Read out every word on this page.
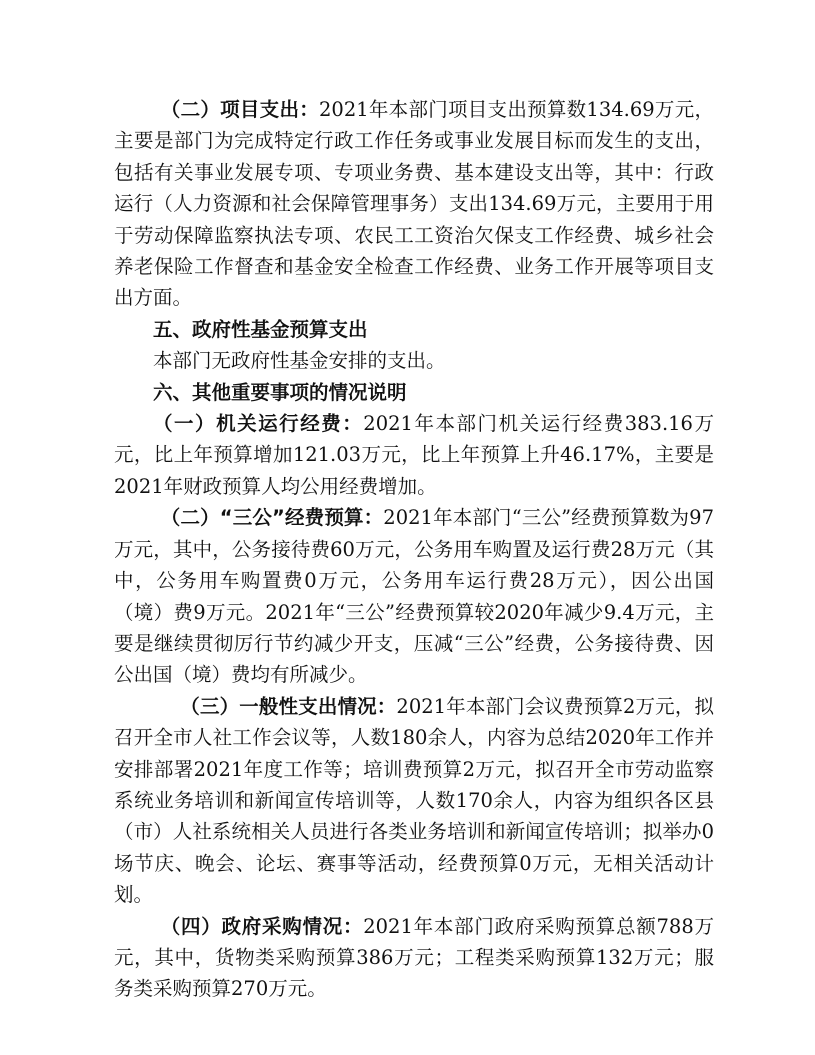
（二）项目支出：2021年本部门项目支出预算数134.69万元，主要是部门为完成特定行政工作任务或事业发展目标而发生的支出，包括有关事业发展专项、专项业务费、基本建设支出等，其中：行政运行（人力资源和社会保障管理事务）支出134.69万元，主要用于用于劳动保障监察执法专项、农民工工资治欠保支工作经费、城乡社会养老保险工作督查和基金安全检查工作经费、业务工作开展等项目支出方面。

五、政府性基金预算支出

本部门无政府性基金安排的支出。

六、其他重要事项的情况说明

（一）机关运行经费：2021年本部门机关运行经费383.16万元，比上年预算增加121.03万元，比上年预算上升46.17%，主要是2021年财政预算人均公用经费增加。

（二）“三公”经费预算：2021年本部门“三公”经费预算数为97万元，其中，公务接待费60万元，公务用车购置及运行费28万元（其中，公务用车购置费0万元，公务用车运行费28万元），因公出国（境）费9万元。2021年“三公”经费预算较2020年减少9.4万元，主要是继续贯彻厉行节约减少开支，压减“三公”经费，公务接待费、因公出国（境）费均有所减少。

（三）一般性支出情况：2021年本部门会议费预算2万元，拟召开全市人社工作会议等，人数180余人，内容为总结2020年工作并安排部署2021年度工作等；培训费预算2万元，拟召开全市劳动监察系统业务培训和新闻宣传培训等，人数170余人，内容为组织各区县（市）人社系统相关人员进行各类业务培训和新闻宣传培训；拟举办0场节庆、晚会、论坛、赛事等活动，经费预算0万元，无相关活动计划。

（四）政府采购情况：2021年本部门政府采购预算总额788万元，其中，货物类采购预算386万元；工程类采购预算132万元；服务类采购预算270万元。
